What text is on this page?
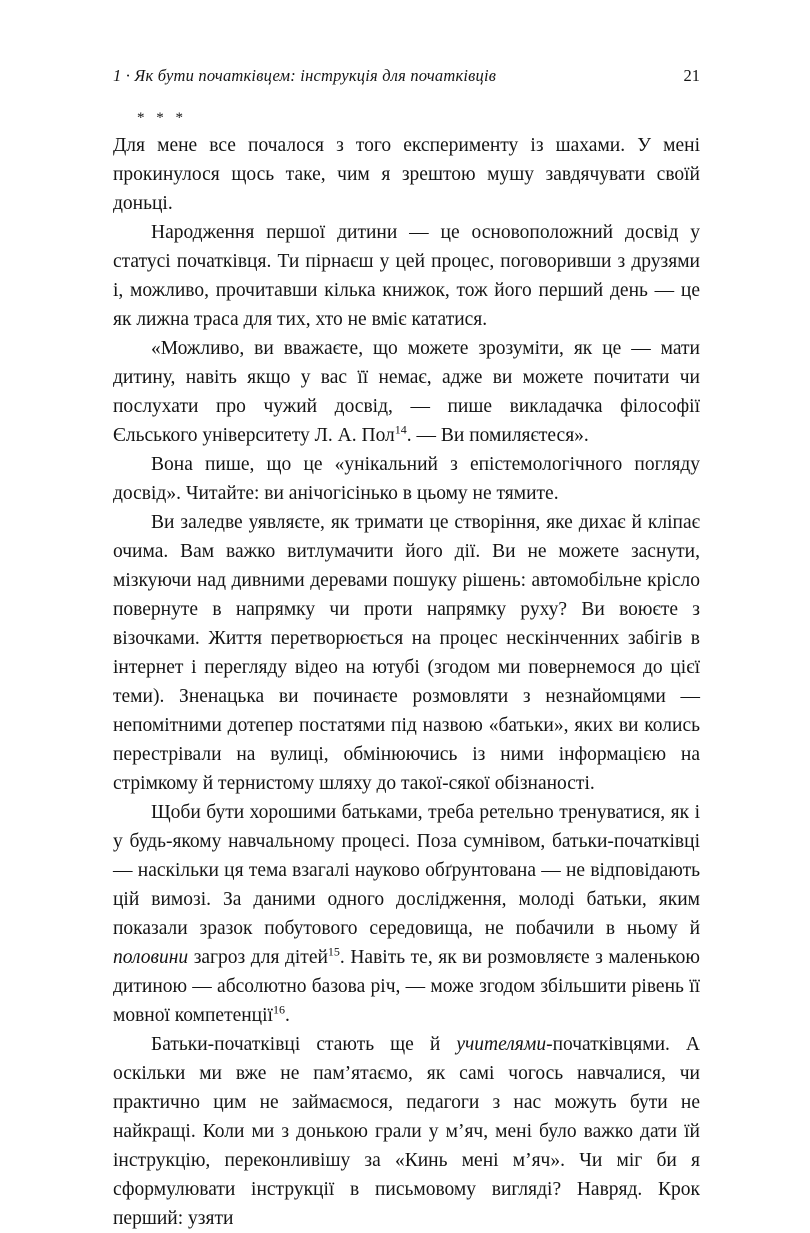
1 · Як бути початківцем: інструкція для початківців	21
* * *

Для мене все почалося з того експерименту із шахами. У мені прокинулося щось таке, чим я зрештою мушу завдячувати своїй доньці.

Народження першої дитини — це основоположний досвід у статусі початківця. Ти пірнаєш у цей процес, поговоривши з друзями і, можливо, прочитавши кілька книжок, тож його перший день — це як лижна траса для тих, хто не вміє кататися.

«Можливо, ви вважаєте, що можете зрозуміти, як це — мати дитину, навіть якщо у вас її немає, адже ви можете почитати чи послухати про чужий досвід, — пише викладачка філософії Єльського університету Л. А. Пол$^{14}$. — Ви помиляєтеся».

Вона пише, що це «унікальний з епістемологічного погляду досвід». Читайте: ви анічогісінько в цьому не тямите.

Ви заледве уявляєте, як тримати це створіння, яке дихає й кліпає очима. Вам важко витлумачити його дії. Ви не можете заснути, мізкуючи над дивними деревами пошуку рішень: автомобільне крісло повернуте в напрямку чи проти напрямку руху? Ви воюєте з візочками. Життя перетворюється на процес нескінченних забігів в інтернет і перегляду відео на ютубі (згодом ми повернемося до цієї теми). Зненацька ви починаєте розмовляти з незнайомцями — непомітними дотепер постатями під назвою «батьки», яких ви колись перестрівали на вулиці, обмінюючись із ними інформацією на стрімкому й тернистому шляху до такої-сякої обізнаності.

Щоби бути хорошими батьками, треба ретельно тренуватися, як і у будь-якому навчальному процесі. Поза сумнівом, батьки-початківці — наскільки ця тема взагалі науково обґрунтована — не відповідають цій вимозі. За даними одного дослідження, молоді батьки, яким показали зразок побутового середовища, не побачили в ньому й половини загроз для дітей$^{15}$. Навіть те, як ви розмовляєте з маленькою дитиною — абсолютно базова річ, — може згодом збільшити рівень її мовної компетенції$^{16}$.

Батьки-початківці стають ще й учителями-початківцями. А оскільки ми вже не пам’ятаємо, як самі чогось навчалися, чи практично цим не займаємося, педагоги з нас можуть бути не найкращі. Коли ми з донькою грали у м’яч, мені було важко дати їй інструкцію, переконливішу за «Кинь мені м’яч». Чи міг би я сформулювати інструкції в письмовому вигляді? Навряд. Крок перший: узяти
